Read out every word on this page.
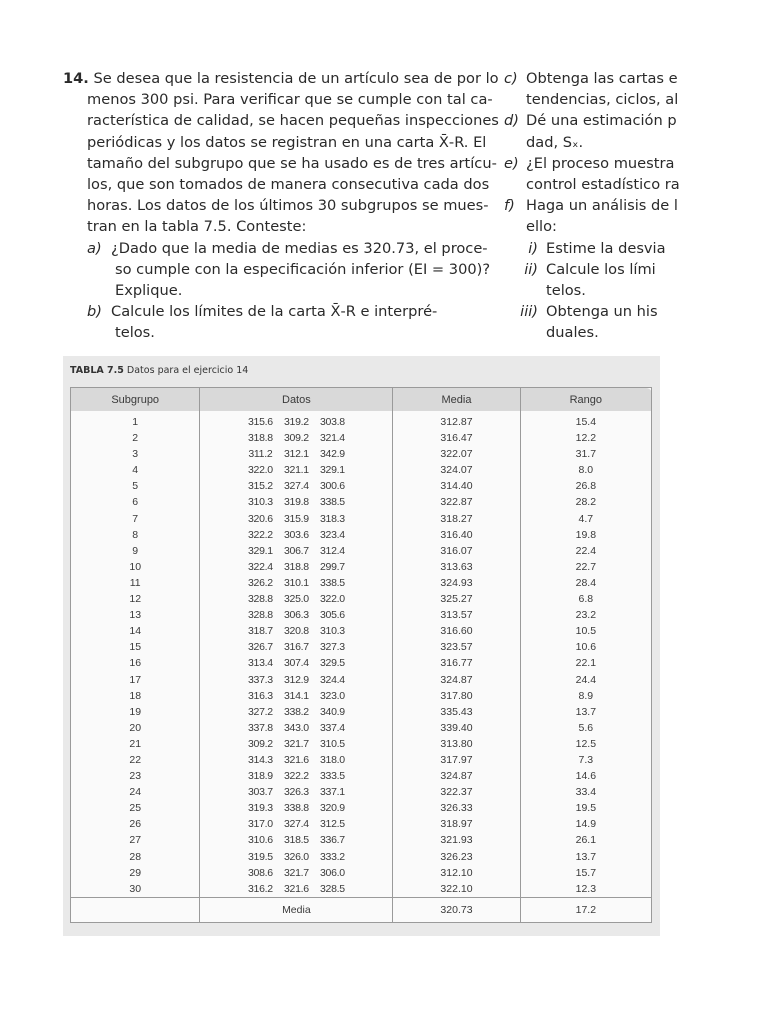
14. Se desea que la resistencia de un artículo sea de por lo
menos 300 psi. Para verificar que se cumple con tal ca-
racterística de calidad, se hacen pequeñas inspecciones
periódicas y los datos se registran en una carta X̄-R. El
tamaño del subgrupo que se ha usado es de tres artícu-
los, que son tomados de manera consecutiva cada dos
horas. Los datos de los últimos 30 subgrupos se mues-
tran en la tabla 7.5. Conteste:
a) ¿Dado que la media de medias es 320.73, el proce-
so cumple con la especificación inferior (EI = 300)?
Explique.
b) Calcule los límites de la carta X̄-R e interpré-
telos.
c) Obtenga las cartas e
tendencias, ciclos, al
d) Dé una estimación p
dad, Sₓ.
e) ¿El proceso muestra
control estadístico ra
f) Haga un análisis de l
ello:
i) Estime la desvia
ii) Calcule los lími
telos.
iii) Obtenga un his
duales.
TABLA 7.5 Datos para el ejercicio 14
Subgrupo	Datos	Media	Rango
1	315.6 319.2 303.8	312.87	15.4
2	318.8 309.2 321.4	316.47	12.2
3	311.2 312.1 342.9	322.07	31.7
4	322.0 321.1 329.1	324.07	8.0
5	315.2 327.4 300.6	314.40	26.8
6	310.3 319.8 338.5	322.87	28.2
7	320.6 315.9 318.3	318.27	4.7
8	322.2 303.6 323.4	316.40	19.8
9	329.1 306.7 312.4	316.07	22.4
10	322.4 318.8 299.7	313.63	22.7
11	326.2 310.1 338.5	324.93	28.4
12	328.8 325.0 322.0	325.27	6.8
13	328.8 306.3 305.6	313.57	23.2
14	318.7 320.8 310.3	316.60	10.5
15	326.7 316.7 327.3	323.57	10.6
16	313.4 307.4 329.5	316.77	22.1
17	337.3 312.9 324.4	324.87	24.4
18	316.3 314.1 323.0	317.80	8.9
19	327.2 338.2 340.9	335.43	13.7
20	337.8 343.0 337.4	339.40	5.6
21	309.2 321.7 310.5	313.80	12.5
22	314.3 321.6 318.0	317.97	7.3
23	318.9 322.2 333.5	324.87	14.6
24	303.7 326.3 337.1	322.37	33.4
25	319.3 338.8 320.9	326.33	19.5
26	317.0 327.4 312.5	318.97	14.9
27	310.6 318.5 336.7	321.93	26.1
28	319.5 326.0 333.2	326.23	13.7
29	308.6 321.7 306.0	312.10	15.7
30	316.2 321.6 328.5	322.10	12.3
	Media	320.73	17.2
